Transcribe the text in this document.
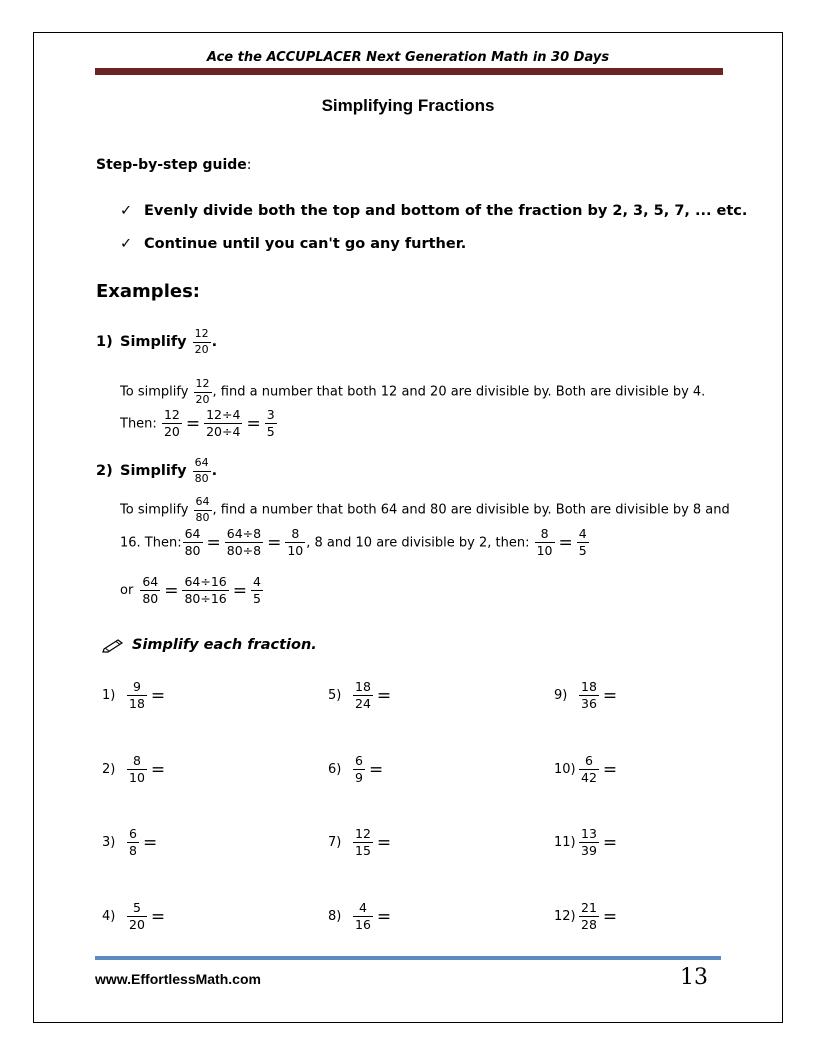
Ace the ACCUPLACER Next Generation Math in 30 Days
Simplifying Fractions
Step-by-step guide:
✓ Evenly divide both the top and bottom of the fraction by 2, 3, 5, 7, ... etc.
✓ Continue until you can't go any further.
Examples:
1) Simplify $\frac{12}{20}$ .
To simplify $\frac{12}{20}$ , find a number that both 12 and 20 are divisible by. Both are divisible by 4.
Then: $\frac{12}{20} = \frac{12\div 4}{20\div 4} = \frac{3}{5}$
2) Simplify $\frac{64}{80}$ .
To simplify $\frac{64}{80}$ , find a number that both 64 and 80 are divisible by. Both are divisible by 8 and
16. Then: $\frac{64}{80} = \frac{64\div 8}{80\div 8} = \frac{8}{10}$ , 8 and 10 are divisible by 2, then: $\frac{8}{10} = \frac{4}{5}$
or $\frac{64}{80} = \frac{64\div 16}{80\div 16} = \frac{4}{5}$
Simplify each fraction.
$1) \frac{9}{18}$ =
$2) \frac{8}{10}$ =
$3) \frac{6}{8}$ =
$4) \frac{5}{20}$ =
$5) \frac{18}{24}$ =
$6) \frac{6}{9}$ =
$7) \frac{12}{15}$ =
$8) \frac{4}{16}$ =
$9) \frac{18}{36}$ =
$10) \frac{6}{42}$ =
$11) \frac{13}{39}$ =
$12) \frac{21}{28}$ =
www.EffortlessMath.com	13
